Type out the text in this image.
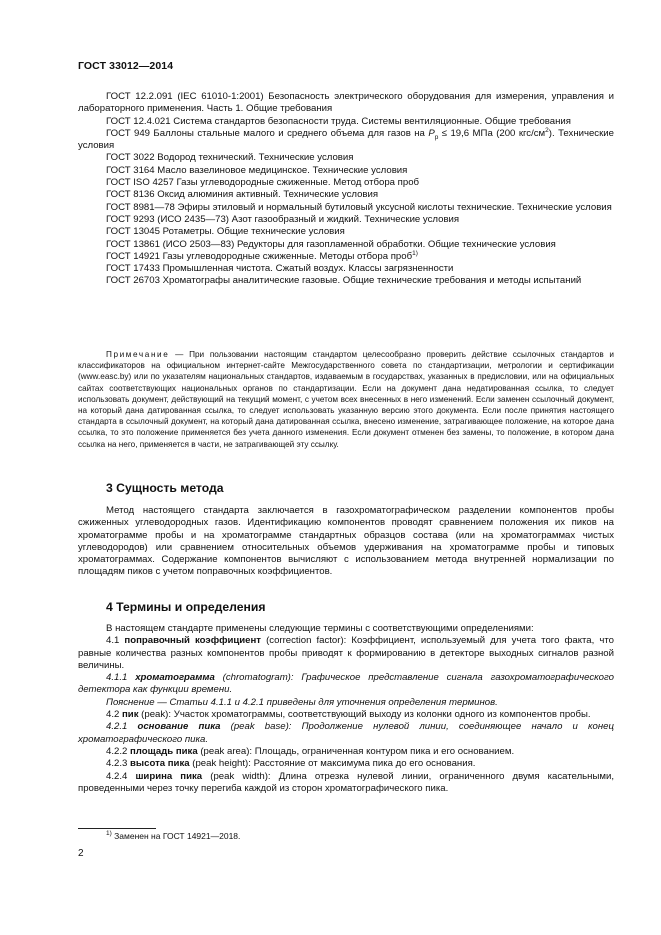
ГОСТ 33012—2014

ГОСТ 12.2.091 (IEC 61010-1:2001) Безопасность электрического оборудования для измерения, управления и лабораторного применения. Часть 1. Общие требования

ГОСТ 12.4.021 Система стандартов безопасности труда. Системы вентиляционные. Общие требования

ГОСТ 949 Баллоны стальные малого и среднего объема для газов на $P_р \le 19,6$ МПа (200 кгс/$см^2$). Технические условия

ГОСТ 3022 Водород технический. Технические условия

ГОСТ 3164 Масло вазелиновое медицинское. Технические условия

ГОСТ ISO 4257 Газы углеводородные сжиженные. Метод отбора проб

ГОСТ 8136 Оксид алюминия активный. Технические условия

ГОСТ 8981—78 Эфиры этиловый и нормальный бутиловый уксусной кислоты технические. Технические условия

ГОСТ 9293 (ИСО 2435—73) Азот газообразный и жидкий. Технические условия

ГОСТ 13045 Ротаметры. Общие технические условия

ГОСТ 13861 (ИСО 2503—83) Редукторы для газопламенной обработки. Общие технические условия

ГОСТ 14921 Газы углеводородные сжиженные. Методы отбора проб$^{1)}$

ГОСТ 17433 Промышленная чистота. Сжатый воздух. Классы загрязненности

ГОСТ 26703 Хроматографы аналитические газовые. Общие технические требования и методы испытаний

Примечание — При пользовании настоящим стандартом целесообразно проверить действие ссылочных стандартов и классификаторов на официальном интернет-сайте Межгосударственного совета по стандартизации, метрологии и сертификации (www.easc.by) или по указателям национальных стандартов, издаваемым в государствах, указанных в предисловии, или на официальных сайтах соответствующих национальных органов по стандартизации. Если на документ дана недатированная ссылка, то следует использовать документ, действующий на текущий момент, с учетом всех внесенных в него изменений. Если заменен ссылочный документ, на который дана датированная ссылка, то следует использовать указанную версию этого документа. Если после принятия настоящего стандарта в ссылочный документ, на который дана датированная ссылка, внесено изменение, затрагивающее положение, на которое дана ссылка, то это положение применяется без учета данного изменения. Если документ отменен без замены, то положение, в котором дана ссылка на него, применяется в части, не затрагивающей эту ссылку.

3 Сущность метода

Метод настоящего стандарта заключается в газохроматографическом разделении компонентов пробы сжиженных углеводородных газов. Идентификацию компонентов проводят сравнением положения их пиков на хроматограмме пробы и на хроматограмме стандартных образцов состава (или на хроматограммах чистых углеводородов) или сравнением относительных объемов удерживания на хроматограмме пробы и типовых хроматограммах. Содержание компонентов вычисляют с использованием метода внутренней нормализации по площадям пиков с учетом поправочных коэффициентов.

4 Термины и определения

В настоящем стандарте применены следующие термины с соответствующими определениями:

4.1 поправочный коэффициент (correction factor): Коэффициент, используемый для учета того факта, что равные количества разных компонентов пробы приводят к формированию в детекторе выходных сигналов разной величины.

4.1.1 хроматограмма (chromatogram): Графическое представление сигнала газохроматографического детектора как функции времени.

Пояснение — Статьи 4.1.1 и 4.2.1 приведены для уточнения определения терминов.

4.2 пик (peak): Участок хроматограммы, соответствующий выходу из колонки одного из компонентов пробы.

4.2.1 основание пика (peak base): Продолжение нулевой линии, соединяющее начало и конец хроматографического пика.

4.2.2 площадь пика (peak area): Площадь, ограниченная контуром пика и его основанием.

4.2.3 высота пика (peak height): Расстояние от максимума пика до его основания.

4.2.4 ширина пика (peak width): Длина отрезка нулевой линии, ограниченного двумя касательными, проведенными через точку перегиба каждой из сторон хроматографического пика.

$^{1)}$ Заменен на ГОСТ 14921—2018.
2
